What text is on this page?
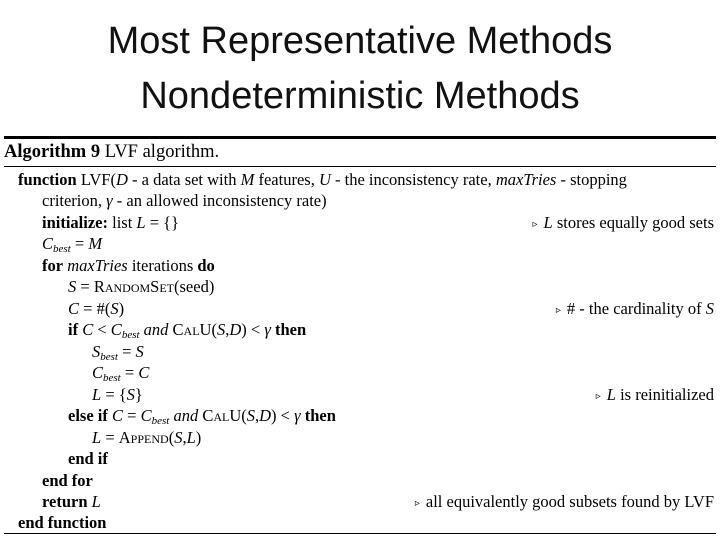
Most Representative Methods
Nondeterministic Methods
Algorithm 9 LVF algorithm.
function LVF(D - a data set with M features, U - the inconsistency rate, maxTries - stopping
criterion, γ - an allowed inconsistency rate)
initialize: list L = {}	▹ L stores equally good sets
$C_{best} = M$
for maxTries iterations do
S = RandomSet(seed)
C = #(S)	▹ # - the cardinality of S
if $C < C_{best}$ and CalU(S,D) < γ then
$S_{best} = S$
$C_{best} = C$
L = {S}	▹ L is reinitialized
else if $C = C_{best}$ and CalU(S,D) < γ then
L = Append(S,L)
end if
end for
return L	▹ all equivalently good subsets found by LVF
end function
